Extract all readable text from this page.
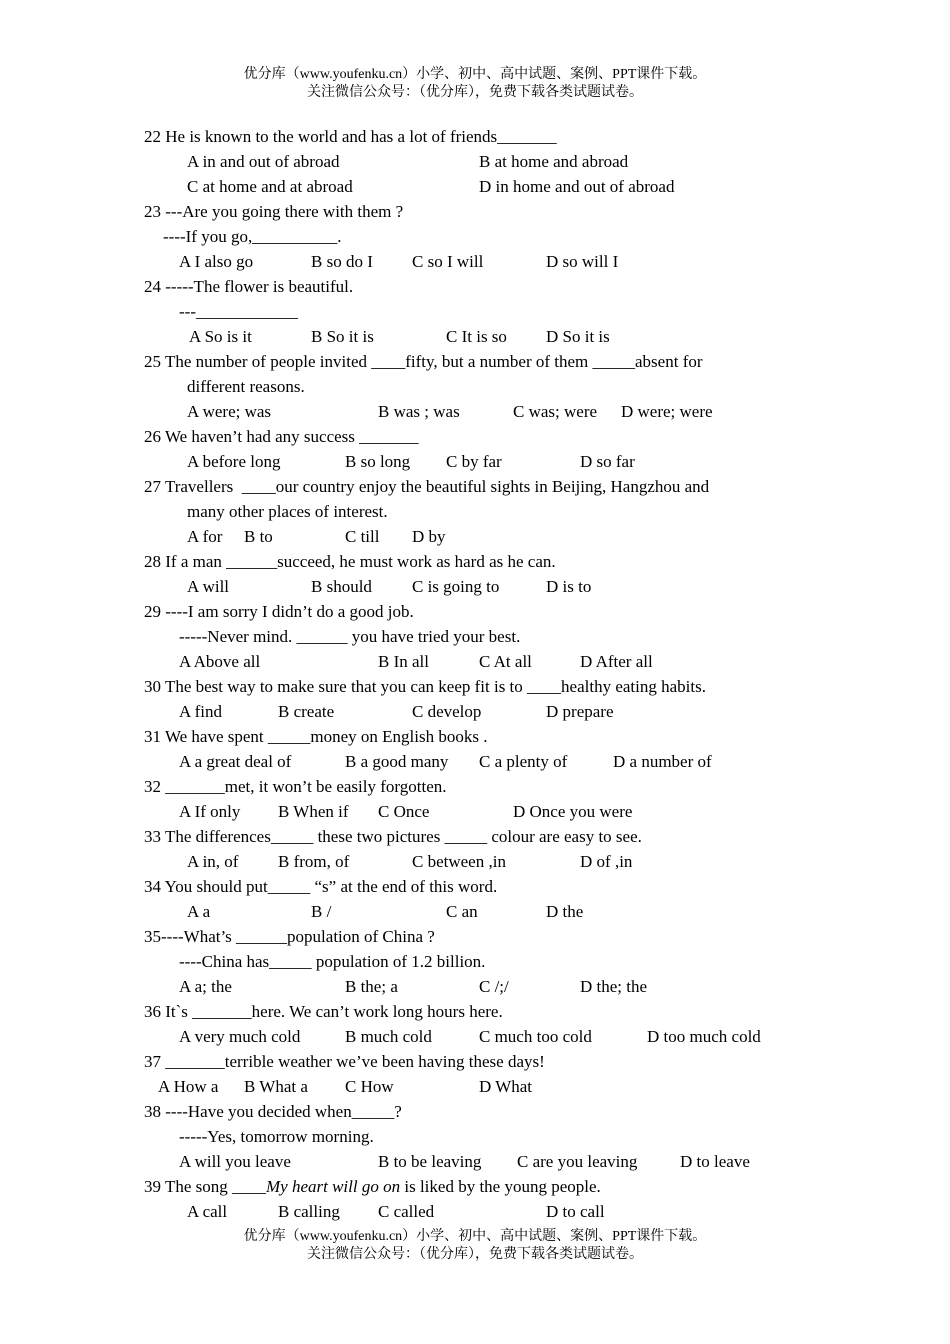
优分库（www.youfenku.cn）小学、初中、高中试题、案例、PPT课件下载。
关注微信公众号：（优分库），免费下载各类试题试卷。
22 He is known to the world and has a lot of friends_______
A in and out of abroad	B at home and abroad
C at home and at abroad	D in home and out of abroad
23 ---Are you going there with them ?
----If you go,__________.
A I also go	B so do I C so I will	D so will I
24 -----The flower is beautiful.
---____________
A So is it	B So it is	C It is so D So it is
25 The number of people invited ____fifty, but a number of them _____absent for
different reasons.
A were; was	B was ; was	C was; were D were; were
26 We haven’t had any success _______
A before long	B so long C by far	D so far
27 Travellers  ____our country enjoy the beautiful sights in Beijing, Hangzhou and
many other places of interest.
A for B to	C till D by
28 If a man ______succeed, he must work as hard as he can.
A will	B should C is going to	D is to
29 ----I am sorry I didn’t do a good job.
-----Never mind. ______ you have tried your best.
A Above all	B In all	C At all	D After all
30 The best way to make sure that you can keep fit is to ____healthy eating habits.
A find	B create	C develop	D prepare
31 We have spent _____money on English books .
A a great deal of	B a good many C a plenty of	D a number of
32 _______met, it won’t be easily forgotten.
A If only B When if C Once	D Once you were
33 The differences_____ these two pictures _____ colour are easy to see.
A in, of B from, of	C between ,in	D of ,in
34 You should put_____ “s” at the end of this word.
A a	B /	C an	D the
35----What’s ______population of China ?
----China has_____ population of 1.2 billion.
A a; the	B the; a	C /;/	D the; the
36 It`s _______here. We can’t work long hours here.
A very much cold	B much cold	C much too cold	D too much cold
37 _______terrible weather we’ve been having these days!
A How a B What a C How	D What
38 ----Have you decided when_____?
-----Yes, tomorrow morning.
A will you leave	B to be leaving C are you leaving	D to leave
39 The song ____My heart will go on is liked by the young people.
A call	B calling C called	D to call
优分库（www.youfenku.cn）小学、初中、高中试题、案例、PPT课件下载。
关注微信公众号：（优分库），免费下载各类试题试卷。
